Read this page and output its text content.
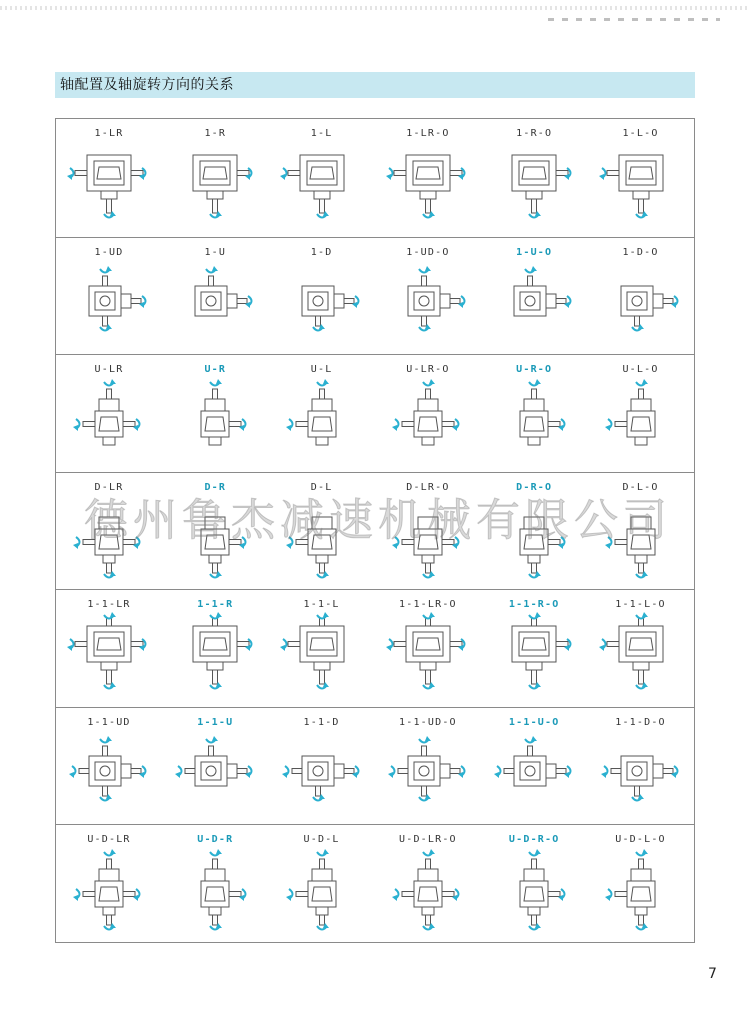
轴配置及轴旋转方向的关系
1-LR	1-R	1-L	1-LR-O	1-R-O	1-L-O
1-UD	1-U	1-D	1-UD-O	1-U-O	1-D-O
U-LR	U-R	U-L	U-LR-O	U-R-O	U-L-O
D-LR	D-R	D-L	D-LR-O	D-R-O	D-L-O
1-1-LR	1-1-R	1-1-L	1-1-LR-O	1-1-R-O	1-1-L-O
1-1-UD	1-1-U	1-1-D	1-1-UD-O	1-1-U-O	1-1-D-O
U-D-LR	U-D-R	U-D-L	U-D-LR-O	U-D-R-O	U-D-L-O
德州鲁杰减速机械有限公司
7
